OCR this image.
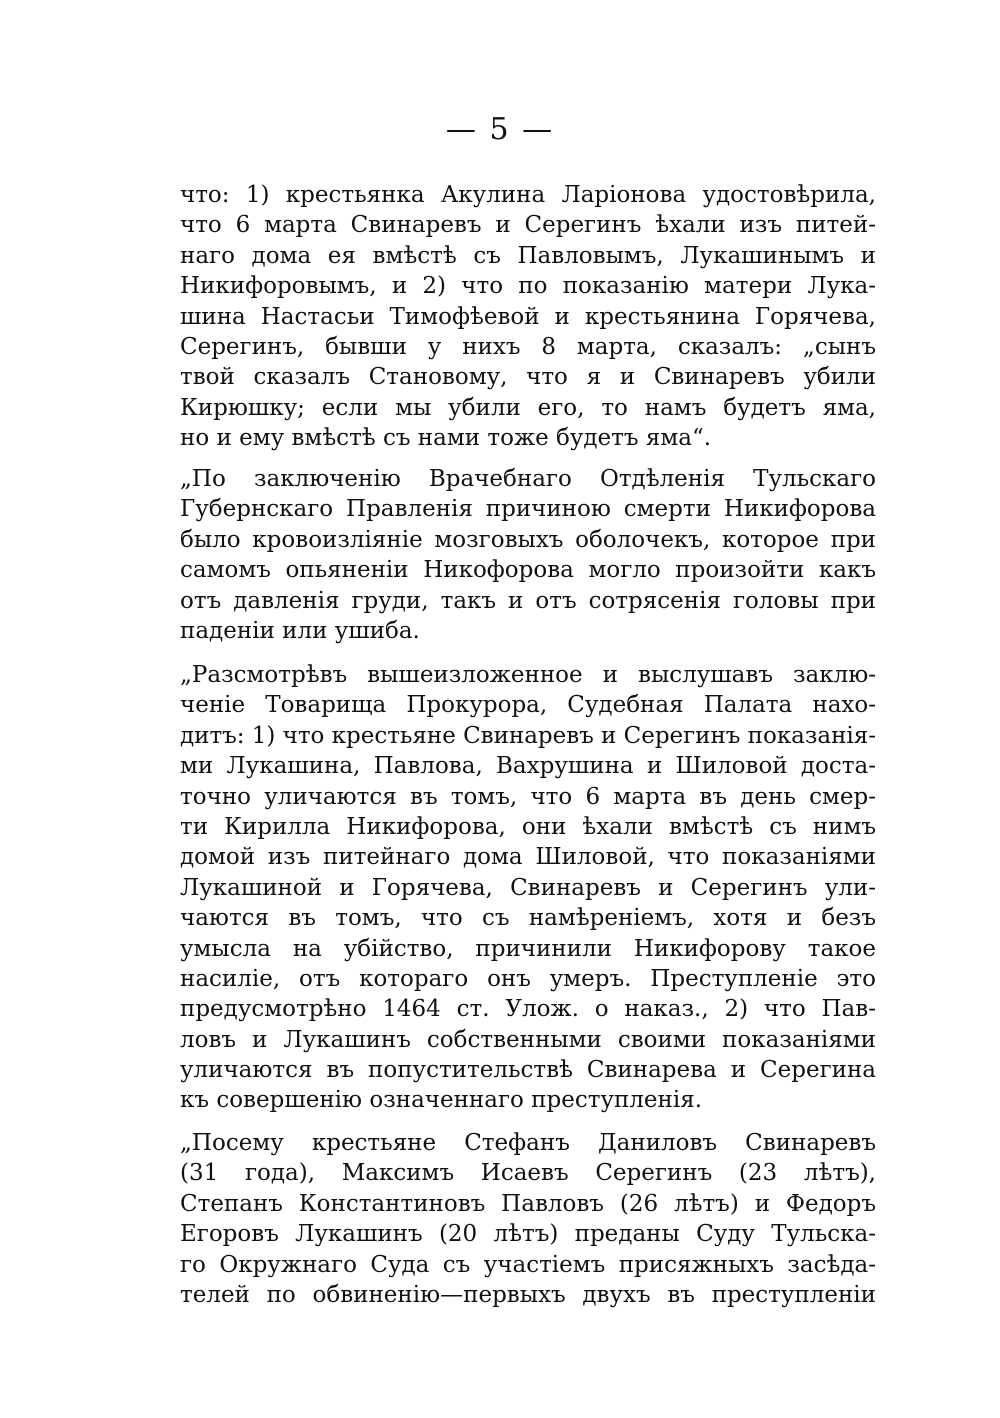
— 5 —
что: 1) крестьянка Акулина Ларіонова удостовѣрила,
что 6 марта Свинаревъ и Серегинъ ѣхали изъ питей-
наго дома ея вмѣстѣ съ Павловымъ, Лукашинымъ и
Никифоровымъ, и 2) что по показанію матери Лука-
шина Настасьи Тимофѣевой и крестьянина Горячева,
Серегинъ, бывши у нихъ 8 марта, сказалъ: „сынъ
твой сказалъ Становому, что я и Свинаревъ убили
Кирюшку; если мы убили его, то намъ будетъ яма,
но и ему вмѣстѣ съ нами тоже будетъ яма“.
„По заключенію Врачебнаго Отдѣленія Тульскаго
Губернскаго Правленія причиною смерти Никифорова
было кровоизліяніе мозговыхъ оболочекъ, которое при
самомъ опьяненіи Никофорова могло произойти какъ
отъ давленія груди, такъ и отъ сотрясенія головы при
паденіи или ушиба.
„Разсмотрѣвъ вышеизложенное и выслушавъ заклю-
ченіе Товарища Прокурора, Судебная Палата нахо-
дитъ: 1) что крестьяне Свинаревъ и Серегинъ показанія-
ми Лукашина, Павлова, Вахрушина и Шиловой доста-
точно уличаются въ томъ, что 6 марта въ день смер-
ти Кирилла Никифорова, они ѣхали вмѣстѣ съ нимъ
домой изъ питейнаго дома Шиловой, что показаніями
Лукашиной и Горячева, Свинаревъ и Серегинъ ули-
чаются въ томъ, что съ намѣреніемъ, хотя и безъ
умысла на убійство, причинили Никифорову такое
насиліе, отъ котораго онъ умеръ. Преступленіе это
предусмотрѣно 1464 ст. Улож. о наказ., 2) что Пав-
ловъ и Лукашинъ собственными своими показаніями
уличаются въ попустительствѣ Свинарева и Серегина
къ совершенію означеннаго преступленія.
„Посему крестьяне Стефанъ Даниловъ Свинаревъ
(31 года), Максимъ Исаевъ Серегинъ (23 лѣтъ),
Степанъ Константиновъ Павловъ (26 лѣтъ) и Федоръ
Егоровъ Лукашинъ (20 лѣтъ) преданы Суду Тульска-
го Окружнаго Суда съ участіемъ присяжныхъ засѣда-
телей по обвиненію—первыхъ двухъ въ преступленіи
